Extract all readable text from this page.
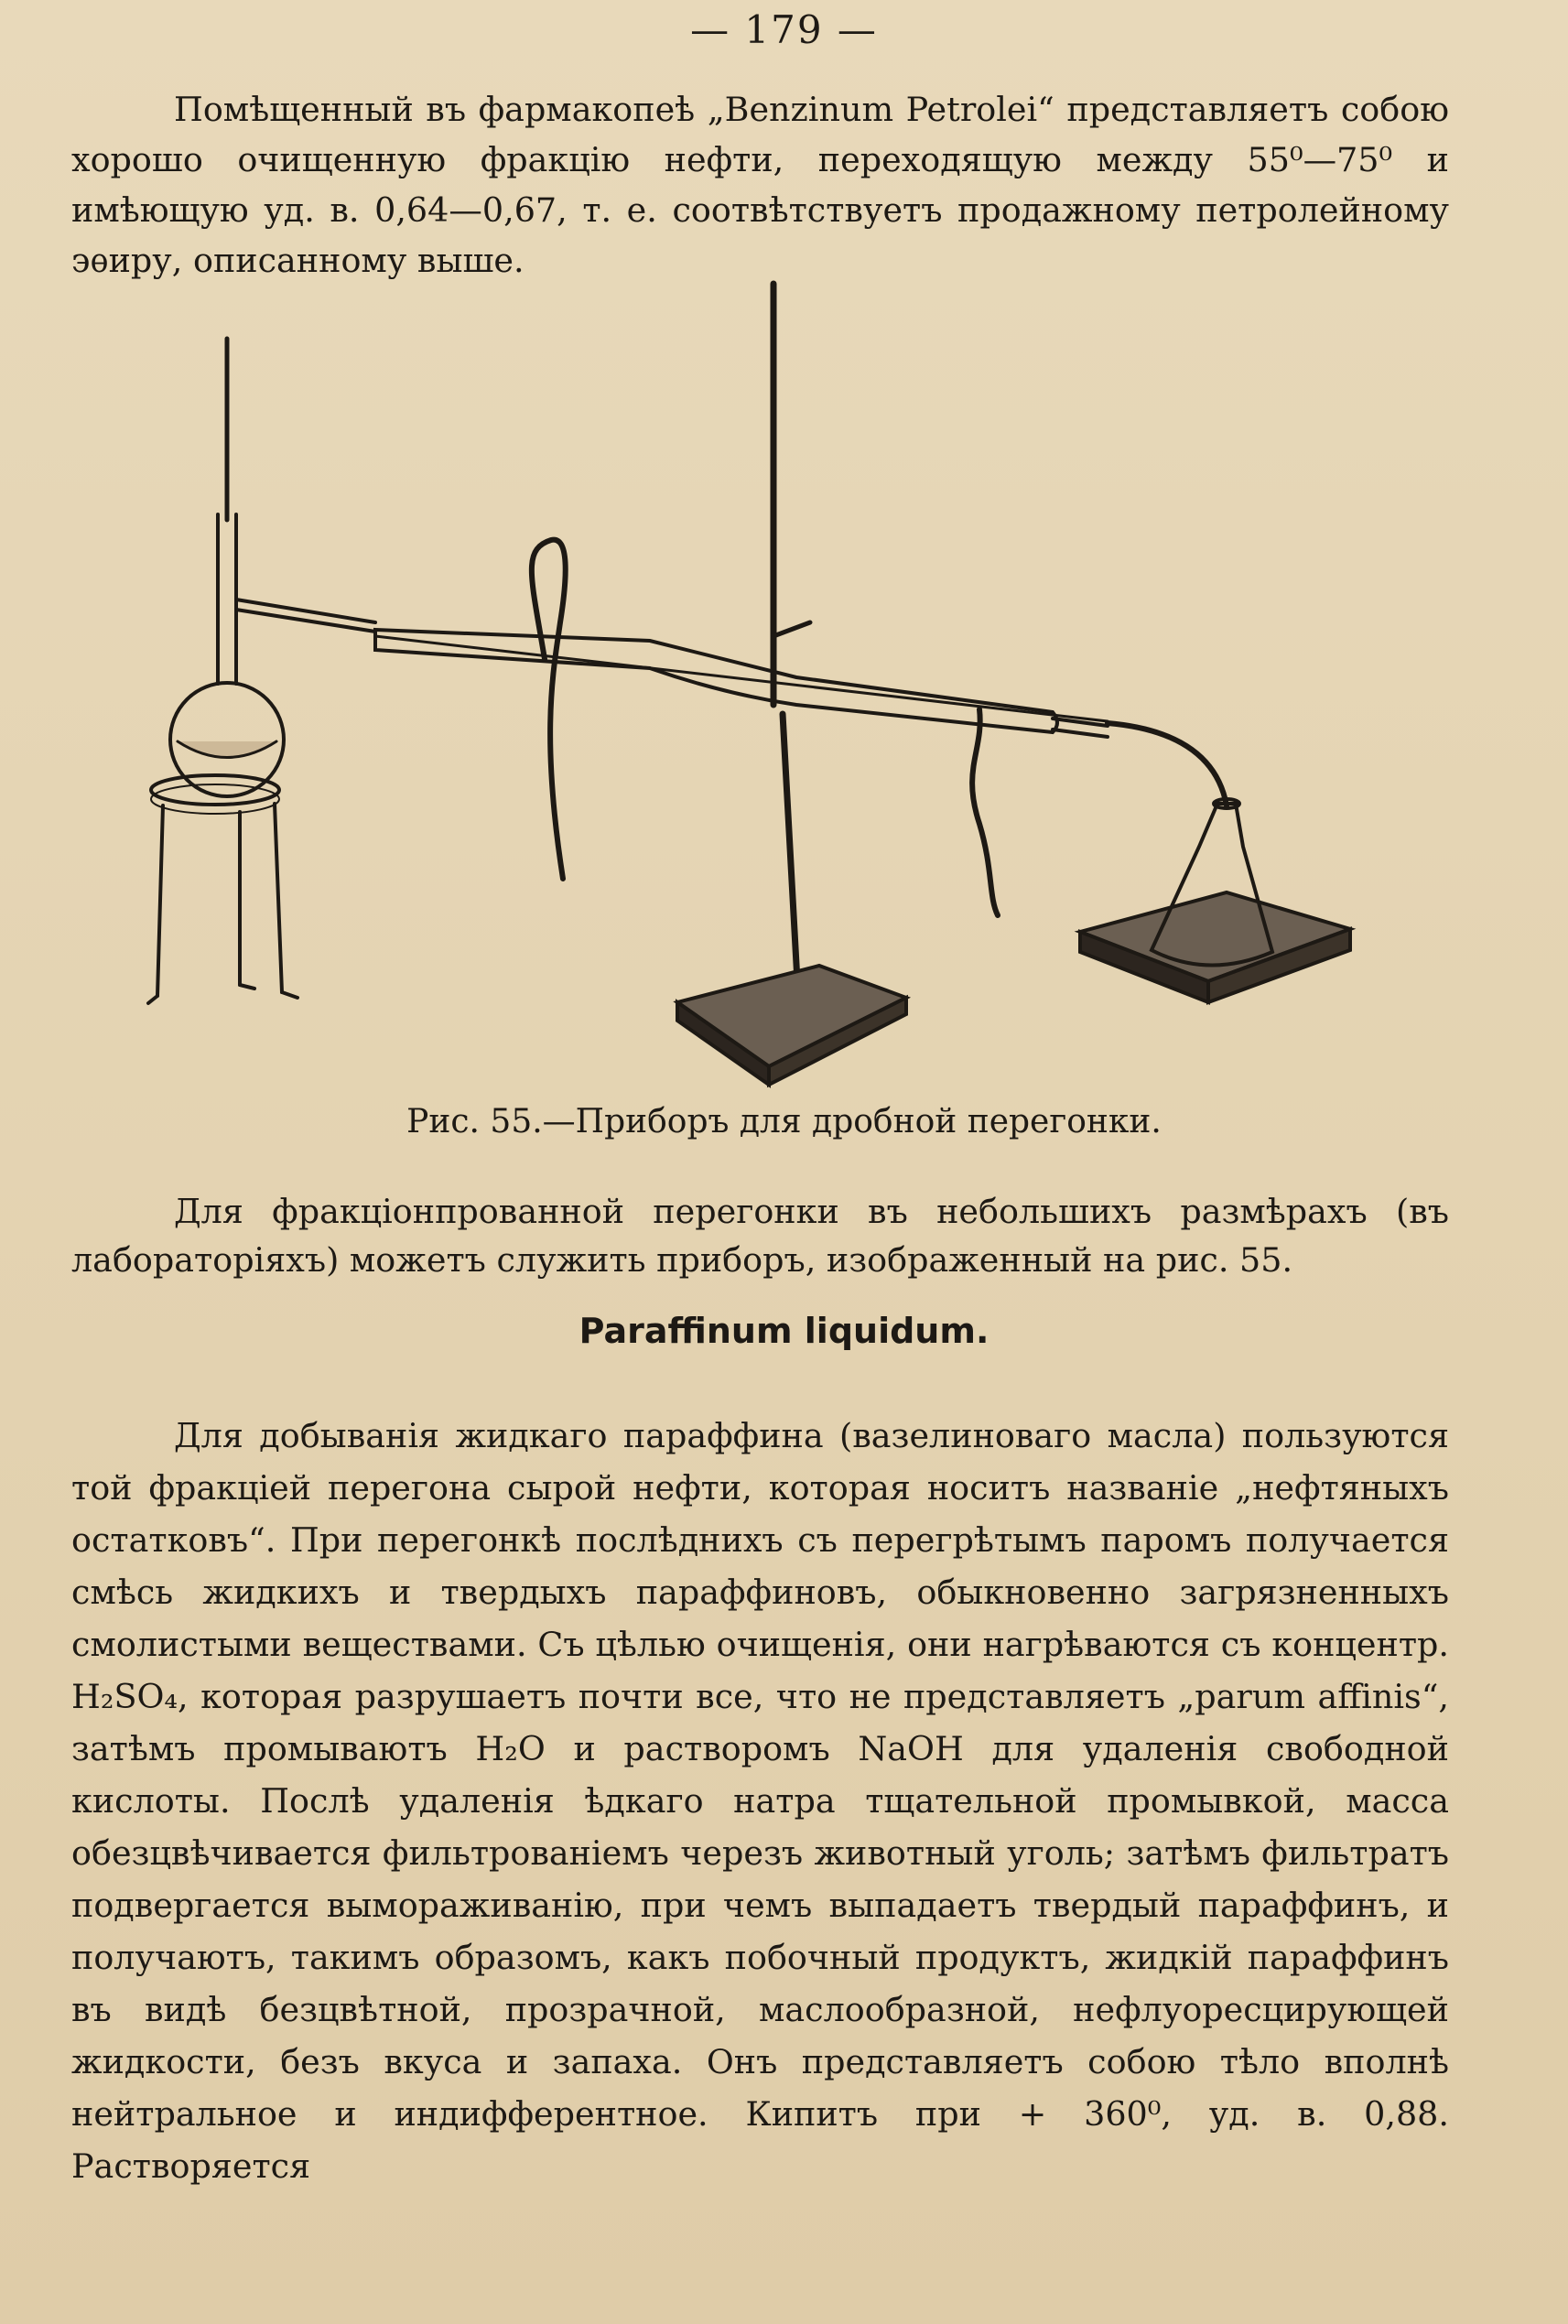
— 179 —
Помѣщенный въ фармакопеѣ „Benzinum Petrolei“ представляетъ собою хорошо очищенную фракцію нефти, переходящую между 55⁰—75⁰ и имѣющую уд. в. 0,64—0,67, т. е. соотвѣтствуетъ продажному петролейному эѳиру, описанному выше.
Рис. 55.—Приборъ для дробной перегонки.
Для фракціонпрованной перегонки въ небольшихъ размѣрахъ (въ лабораторіяхъ) можетъ служить приборъ, изображенный на рис. 55.
Paraffinum liquidum.
Для добыванія жидкаго параффина (вазелиноваго масла) пользуются той фракціей перегона сырой нефти, которая носитъ названіе „нефтяныхъ остатковъ“. При перегонкѣ послѣднихъ съ перегрѣтымъ паромъ получается смѣсь жидкихъ и твердыхъ параффиновъ, обыкновенно загрязненныхъ смолистыми веществами. Съ цѣлью очищенія, они нагрѣваются съ концентр. H₂SO₄, которая разрушаетъ почти все, что не представляетъ „parum affinis“, затѣмъ промываютъ H₂O и растворомъ NaOH для удаленія свободной кислоты. Послѣ удаленія ѣдкаго натра тщательной промывкой, масса обезцвѣчивается фильтрованіемъ черезъ животный уголь; затѣмъ фильтратъ подвергается вымораживанію, при чемъ выпадаетъ твердый параффинъ, и получаютъ, такимъ образомъ, какъ побочный продуктъ, жидкій параффинъ въ видѣ безцвѣтной, прозрачной, маслообразной, нефлуоресцирующей жидкости, безъ вкуса и запаха. Онъ представляетъ собою тѣло вполнѣ нейтральное и индифферентное. Кипитъ при + 360⁰, уд. в. 0,88. Растворяется
